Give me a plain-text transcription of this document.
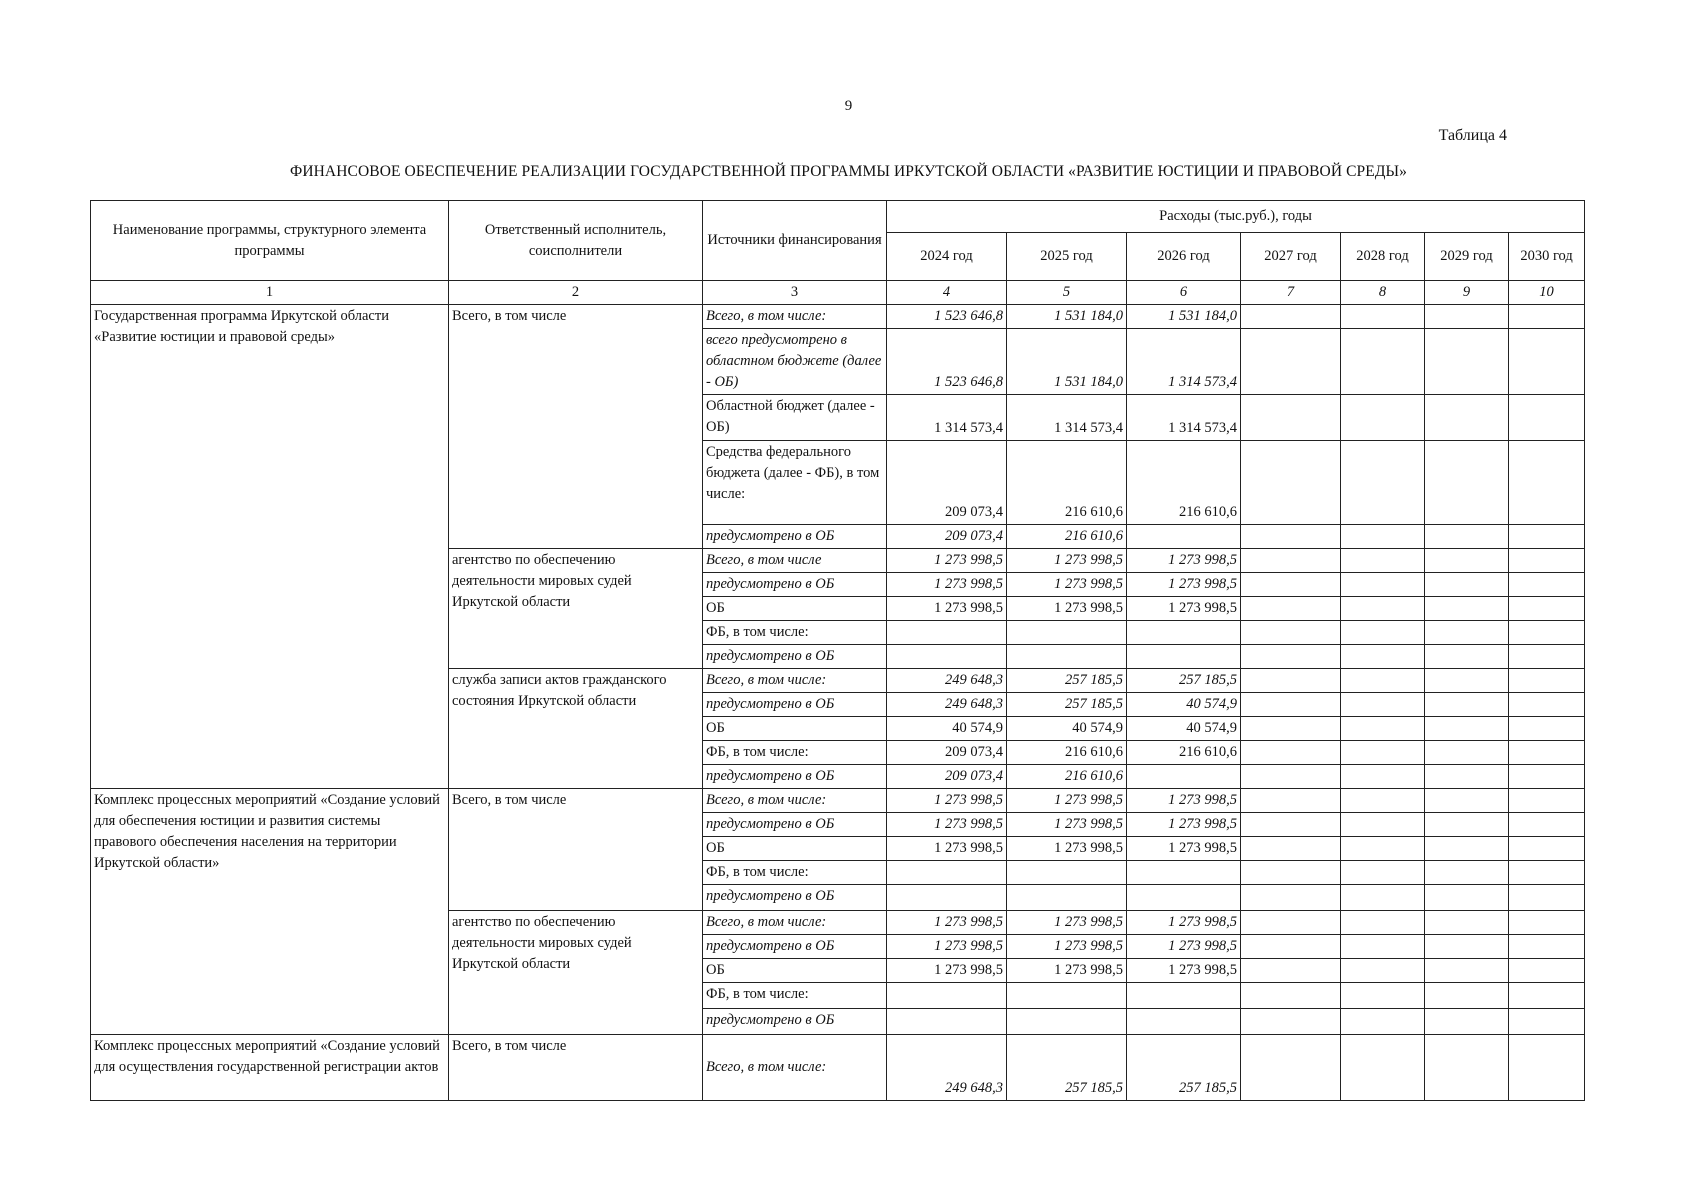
9
Таблица 4
ФИНАНСОВОЕ ОБЕСПЕЧЕНИЕ РЕАЛИЗАЦИИ ГОСУДАРСТВЕННОЙ ПРОГРАММЫ ИРКУТСКОЙ ОБЛАСТИ «РАЗВИТИЕ ЮСТИЦИИ И ПРАВОВОЙ СРЕДЫ»
Наименование программы, структурного элемента программы	Ответственный исполнитель, соисполнители	Источники финансирования	Расходы (тыс.руб.), годы						
			2024 год	2025 год	2026 год	2027 год	2028 год	2029 год	2030 год
1	2	3	4	5	6	7	8	9	10
Государственная программа Иркутской области «Развитие юстиции и правовой среды»	Всего, в том числе	Всего, в том числе:	1 523 646,8	1 531 184,0	1 531 184,0				
		всего предусмотрено в областном бюджете (далее - ОБ)	1 523 646,8	1 531 184,0	1 314 573,4				
		Областной бюджет (далее - ОБ)	1 314 573,4	1 314 573,4	1 314 573,4				
		Средства федерального бюджета (далее - ФБ), в том числе:	209 073,4	216 610,6	216 610,6				
		предусмотрено в ОБ	209 073,4	216 610,6					
	агентство по обеспечению деятельности мировых судей Иркутской области	Всего, в том числе	1 273 998,5	1 273 998,5	1 273 998,5				
		предусмотрено в ОБ	1 273 998,5	1 273 998,5	1 273 998,5				
		ОБ	1 273 998,5	1 273 998,5	1 273 998,5				
		ФБ, в том числе:							
		предусмотрено в ОБ							
	служба записи актов гражданского состояния Иркутской области	Всего, в том числе:	249 648,3	257 185,5	257 185,5				
		предусмотрено в ОБ	249 648,3	257 185,5	40 574,9				
		ОБ	40 574,9	40 574,9	40 574,9				
		ФБ, в том числе:	209 073,4	216 610,6	216 610,6				
		предусмотрено в ОБ	209 073,4	216 610,6					
Комплекс процессных мероприятий «Создание условий для обеспечения юстиции и развития системы правового обеспечения населения на территории Иркутской области»	Всего, в том числе	Всего, в том числе:	1 273 998,5	1 273 998,5	1 273 998,5				
		предусмотрено в ОБ	1 273 998,5	1 273 998,5	1 273 998,5				
		ОБ	1 273 998,5	1 273 998,5	1 273 998,5				
		ФБ, в том числе:							
		предусмотрено в ОБ							
	агентство по обеспечению деятельности мировых судей Иркутской области	Всего, в том числе:	1 273 998,5	1 273 998,5	1 273 998,5				
		предусмотрено в ОБ	1 273 998,5	1 273 998,5	1 273 998,5				
		ОБ	1 273 998,5	1 273 998,5	1 273 998,5				
		ФБ, в том числе:							
		предусмотрено в ОБ							
Комплекс процессных мероприятий «Создание условий для осуществления государственной регистрации актов	Всего, в том числе	Всего, в том числе:	249 648,3	257 185,5	257 185,5				
